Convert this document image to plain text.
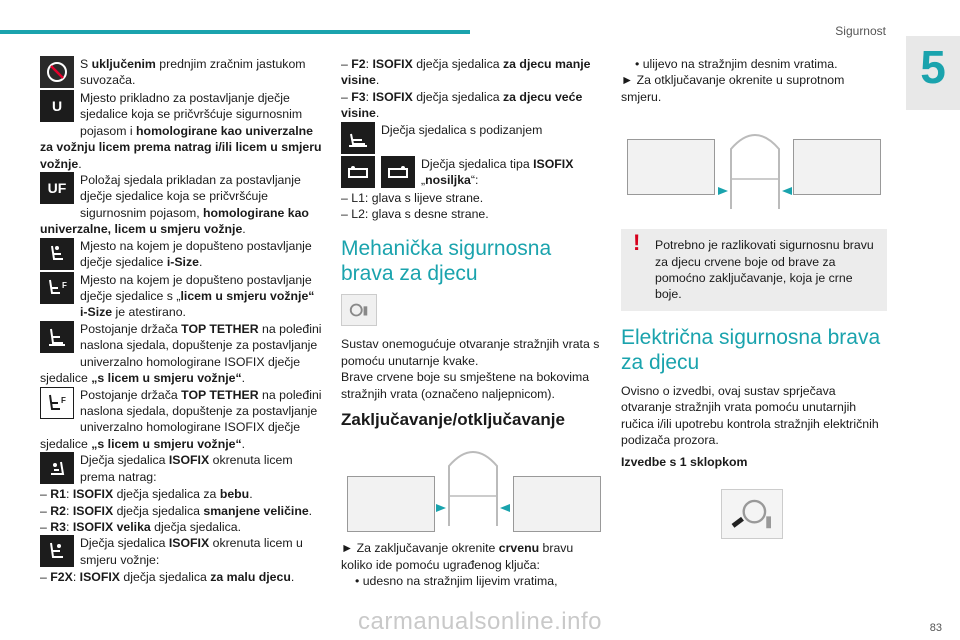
Sigurnost
5

S uključenim prednjim zračnim jastukom suvozača.

U	Mjesto prikladno za postavljanje dječje sjedalice koja se pričvršćuje sigurnosnim pojasom i homologirane kao univerzalne za vožnju licem prema natrag i/ili licem u smjeru vožnje.

UF	Položaj sjedala prikladan za postavljanje dječje sjedalice koja se pričvršćuje sigurnosnim pojasom, homologirane kao univerzalne, licem u smjeru vožnje.

Mjesto na kojem je dopušteno postavljanje dječje sjedalice i-Size.

F	Mjesto na kojem je dopušteno postavljanje dječje sjedalice s „licem u smjeru vožnje“ i-Size je atestirano.

Postojanje držača TOP TETHER na poleđini naslona sjedala, dopuštenje za postavljanje univerzalno homologirane ISOFIX dječje sjedalice „s licem u smjeru vožnje“.

F	Postojanje držača TOP TETHER na poleđini naslona sjedala, dopuštenje za postavljanje univerzalno homologirane ISOFIX dječje sjedalice „s licem u smjeru vožnje“.

Dječja sjedalica ISOFIX okrenuta licem prema natrag:

– R1: ISOFIX dječja sjedalica za bebu.

– R2: ISOFIX dječja sjedalica smanjene veličine.

– R3: ISOFIX velika dječja sjedalica.

Dječja sjedalica ISOFIX okrenuta licem u smjeru vožnje:

– F2X: ISOFIX dječja sjedalica za malu djecu.

– F2: ISOFIX dječja sjedalica za djecu manje visine.

– F3: ISOFIX dječja sjedalica za djecu veće visine.

Dječja sjedalica s podizanjem

Dječja sjedalica tipa ISOFIX „nosiljka“:

– L1: glava s lijeve strane.

– L2: glava s desne strane.

Mehanička sigurnosna brava za djecu

Sustav onemogućuje otvaranje stražnjih vrata s pomoću unutarnje kvake.

Brave crvene boje su smještene na bokovima stražnjih vrata (označeno naljepnicom).

Zaključavanje/otključavanje

► Za zaključavanje okrenite crvenu bravu koliko ide pomoću ugrađenog ključa:

• udesno na stražnjim lijevim vratima,

• ulijevo na stražnjim desnim vratima.

► Za otključavanje okrenite u suprotnom smjeru.

! Potrebno je razlikovati sigurnosnu bravu za djecu crvene boje od brave za pomoćno zaključavanje, koja je crne boje.

Električna sigurnosna brava za djecu

Ovisno o izvedbi, ovaj sustav sprječava otvaranje stražnjih vrata pomoću unutarnjih ručica i/ili upotrebu kontrola stražnjih električnih podizača prozora.

Izvedbe s 1 sklopkom
carmanualsonline.info	83
